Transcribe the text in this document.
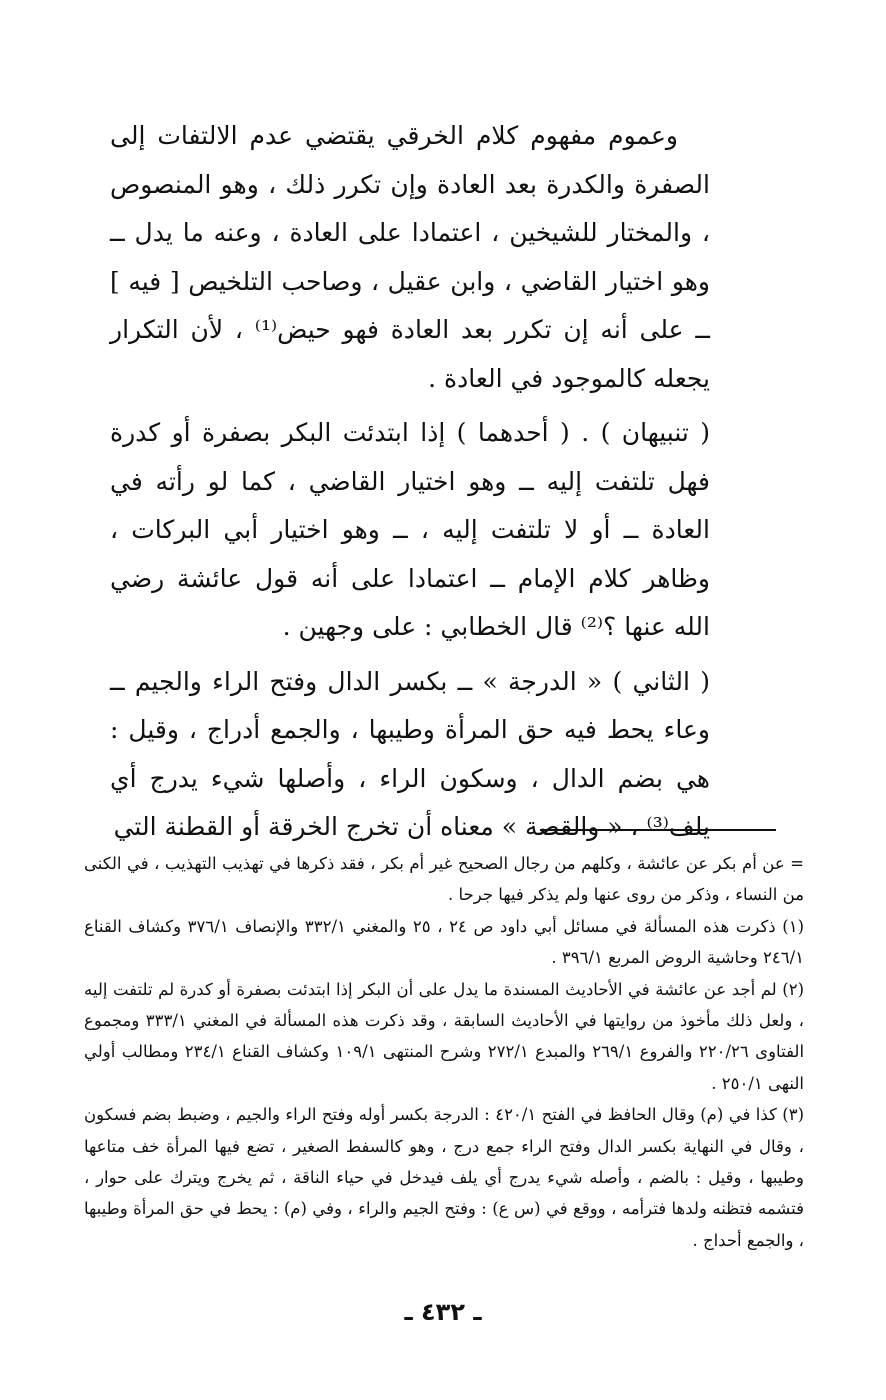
وعموم مفهوم كلام الخرقي يقتضي عدم الالتفات إلى الصفرة والكدرة بعد العادة وإن تكرر ذلك ، وهو المنصوص ، والمختار للشيخين ، اعتمادا على العادة ، وعنه ما يدل ــ وهو اختيار القاضي ، وابن عقيل ، وصاحب التلخيص [ فيه ] ــ على أنه إن تكرر بعد العادة فهو حيض⁽¹⁾ ، لأن التكرار يجعله كالموجود في العادة .

( تنبيهان ) . ( أحدهما ) إذا ابتدئت البكر بصفرة أو كدرة فهل تلتفت إليه ــ وهو اختيار القاضي ، كما لو رأته في العادة ــ أو لا تلتفت إليه ، ــ وهو اختيار أبي البركات ، وظاهر كلام الإمام ــ اعتمادا على أنه قول عائشة رضي الله عنها ؟⁽²⁾ قال الخطابي : على وجهين .

( الثاني ) « الدرجة » ــ بكسر الدال وفتح الراء والجيم ــ وعاء يحط فيه حق المرأة وطيبها ، والجمع أدراج ، وقيل : هي بضم الدال ، وسكون الراء ، وأصلها شيء يدرج أي يلف⁽³⁾ ، « والقصة » معناه أن تخرج الخرقة أو القطنة التي

= عن أم بكر عن عائشة ، وكلهم من رجال الصحيح غير أم بكر ، فقد ذكرها في تهذيب التهذيب ، في الكنى من النساء ، وذكر من روى عنها ولم يذكر فيها جرحا .

(١) ذكرت هذه المسألة في مسائل أبي داود ص ٢٤ ، ٢٥ والمغني ٣٣٢/١ والإنصاف ٣٧٦/١ وكشاف القناع ٢٤٦/١ وحاشية الروض المربع ٣٩٦/١ .

(٢) لم أجد عن عائشة في الأحاديث المسندة ما يدل على أن البكر إذا ابتدئت بصفرة أو كدرة لم تلتفت إليه ، ولعل ذلك مأخوذ من روايتها في الأحاديث السابقة ، وقد ذكرت هذه المسألة في المغني ٣٣٣/١ ومجموع الفتاوى ٢٢٠/٢٦ والفروع ٢٦٩/١ والمبدع ٢٧٢/١ وشرح المنتهى ١٠٩/١ وكشاف القناع ٢٣٤/١ ومطالب أولي النهى ٢٥٠/١ .

(٣) كذا في (م) وقال الحافظ في الفتح ٤٢٠/١ : الدرجة بكسر أوله وفتح الراء والجيم ، وضبط بضم فسكون ، وقال في النهاية بكسر الدال وفتح الراء جمع درج ، وهو كالسفط الصغير ، تضع فيها المرأة خف متاعها وطيبها ، وقيل : بالضم ، وأصله شيء يدرج أي يلف فيدخل في حياء الناقة ، ثم يخرج ويترك على حوار ، فتشمه فتظنه ولدها فترأمه ، ووقع في (س ع) : وفتح الجيم والراء ، وفي (م) : يحط في حق المرأة وطيبها ، والجمع أحداج .

ـ ٤٣٢ ـ
